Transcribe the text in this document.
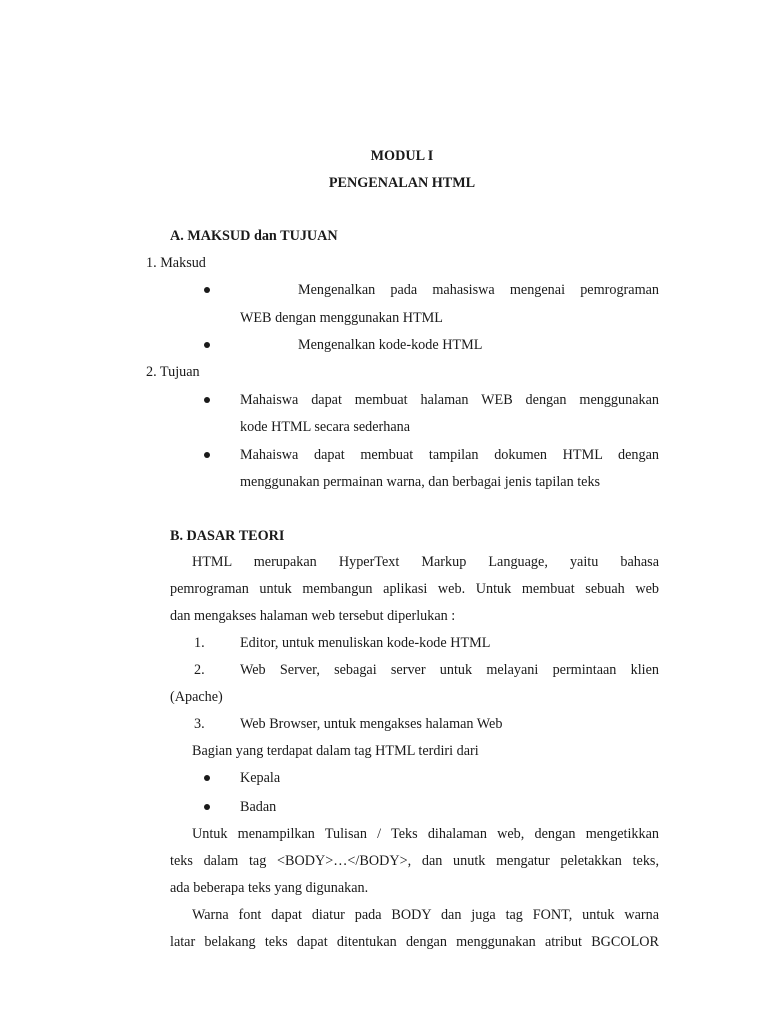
MODUL I
PENGENALAN HTML
A. MAKSUD dan TUJUAN
1. Maksud
Mengenalkan pada mahasiswa mengenai pemrograman
WEB dengan menggunakan HTML
Mengenalkan kode-kode HTML
2. Tujuan
Mahaiswa dapat membuat halaman WEB dengan menggunakan
kode HTML secara sederhana
Mahaiswa dapat membuat tampilan dokumen HTML dengan
menggunakan permainan warna, dan berbagai jenis tapilan teks
B. DASAR TEORI
HTML merupakan HyperText Markup Language, yaitu bahasa
pemrograman untuk membangun aplikasi web. Untuk membuat sebuah web
dan mengakses halaman web tersebut diperlukan :
1. Editor, untuk menuliskan kode-kode HTML
2. Web Server, sebagai server untuk melayani permintaan klien
(Apache)
3. Web Browser, untuk mengakses halaman Web
Bagian yang terdapat dalam tag HTML terdiri dari
Kepala
Badan
Untuk menampilkan Tulisan / Teks dihalaman web, dengan mengetikkan
teks dalam tag <BODY>…</BODY>, dan unutk mengatur peletakkan teks,
ada beberapa teks yang digunakan.
Warna font dapat diatur pada BODY dan juga tag FONT, untuk warna
latar belakang teks dapat ditentukan dengan menggunakan atribut BGCOLOR
